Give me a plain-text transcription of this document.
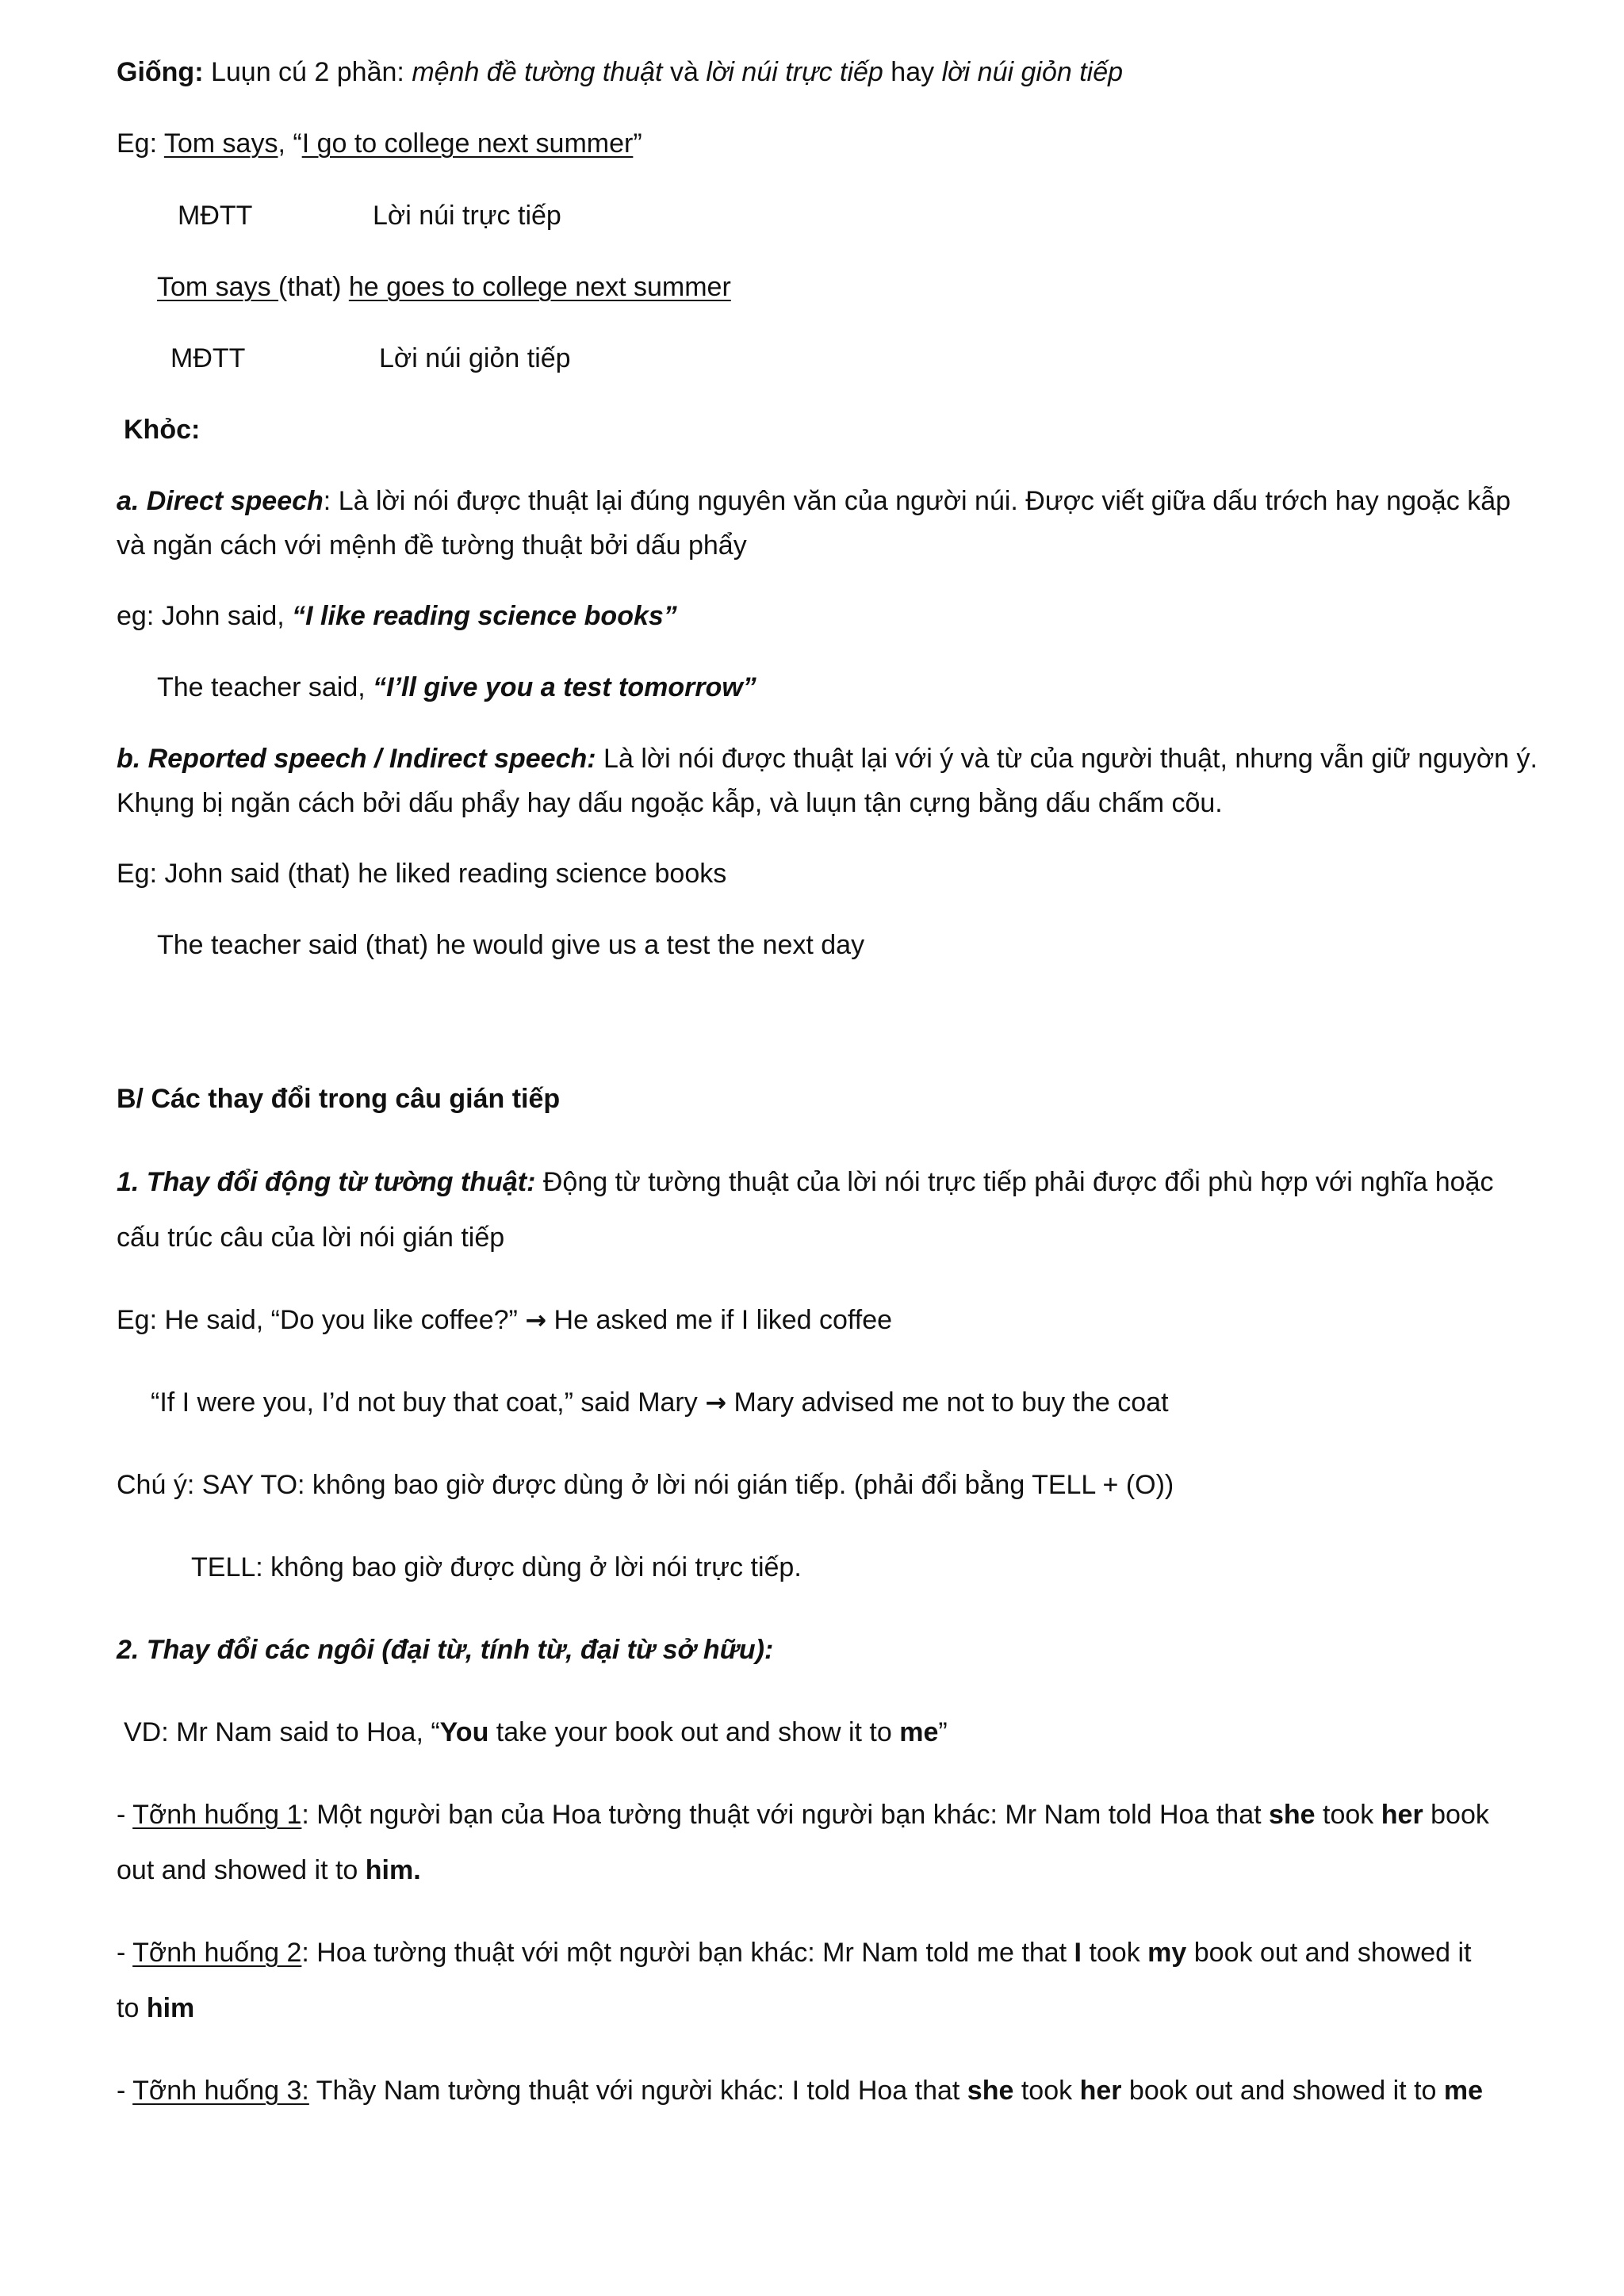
Giống: Luụn cú 2 phần: mệnh đề tường thuật và lời núi trực tiếp hay lời núi giỏn tiếp
Eg: Tom says, “I go to college next summer”
MĐTT	Lời núi trực tiếp
Tom says (that) he goes to college next summer
MĐTT	Lời núi giỏn tiếp
Khỏc:
a. Direct speech: Là lời nói được thuật lại đúng nguyên văn của người núi. Được viết giữa dấu trớch hay ngoặc kẫp
và ngăn cách với mệnh đề tường thuật bởi dấu phẩy
eg: John said, “I like reading science books”
The teacher said, “I’ll give you a test tomorrow”
b. Reported speech / Indirect speech: Là lời nói được thuật lại với ý và từ của người thuật, nhưng vẫn giữ nguyờn ý.
Khụng bị ngăn cách bởi dấu phẩy hay dấu ngoặc kẫp, và luụn tận cựng bằng dấu chấm cõu.
Eg: John said (that) he liked reading science books
The teacher said (that) he would give us a test the next day
B/ Các thay đổi trong câu gián tiếp
1. Thay đổi động từ tường thuật: Động từ tường thuật của lời nói trực tiếp phải được đổi phù hợp với nghĩa hoặc
cấu trúc câu của lời nói gián tiếp
Eg: He said, “Do you like coffee?” → He asked me if I liked coffee
“If I were you, I’d not buy that coat,” said Mary → Mary advised me not to buy the coat
Chú ý: SAY TO: không bao giờ được dùng ở lời nói gián tiếp. (phải đổi bằng TELL + (O))
TELL: không bao giờ được dùng ở lời nói trực tiếp.
2. Thay đổi các ngôi (đại từ, tính từ, đại từ sở hữu):
VD: Mr Nam said to Hoa, “You take your book out and show it to me”
- Tỡnh huống 1: Một người bạn của Hoa tường thuật với người bạn khác: Mr Nam told Hoa that she took her book
out and showed it to him.
- Tỡnh huống 2: Hoa tường thuật với một người bạn khác: Mr Nam told me that I took my book out and showed it
to him
- Tỡnh huống 3: Thầy Nam tường thuật với người khác: I told Hoa that she took her book out and showed it to me
